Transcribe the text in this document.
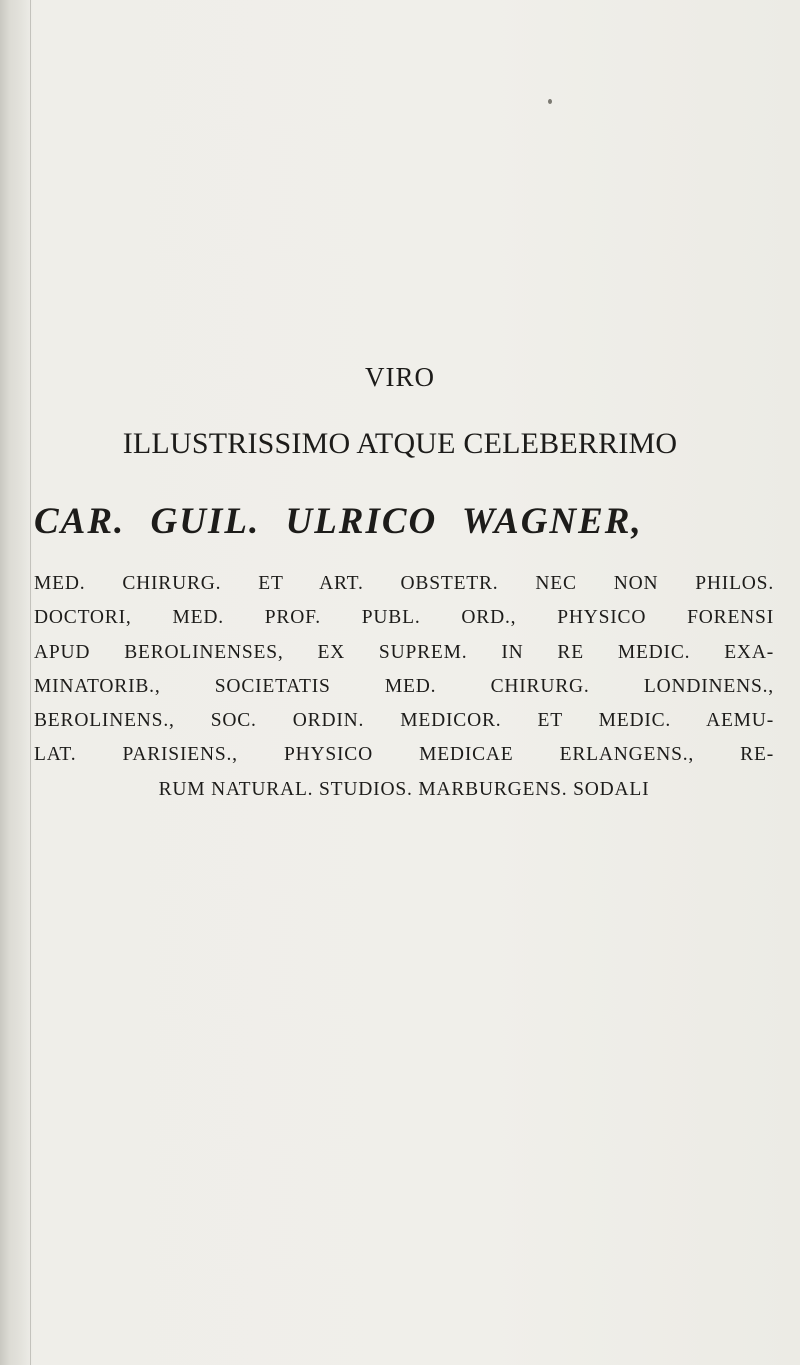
VIRO
ILLUSTRISSIMO ATQUE CELEBERRIMO
CAR. GUIL. ULRICO WAGNER,
MED. CHIRURG. ET ART. OBSTETR. NEC NON PHILOS.
DOCTORI, MED. PROF. PUBL. ORD., PHYSICO FORENSI
APUD BEROLINENSES, EX SUPREM. IN RE MEDIC. EXA-
MINATORIB., SOCIETATIS MED. CHIRURG. LONDINENS.,
BEROLINENS., SOC. ORDIN. MEDICOR. ET MEDIC. AEMU-
LAT. PARISIENS., PHYSICO MEDICAE ERLANGENS., RE-
RUM NATURAL. STUDIOS. MARBURGENS. SODALI
